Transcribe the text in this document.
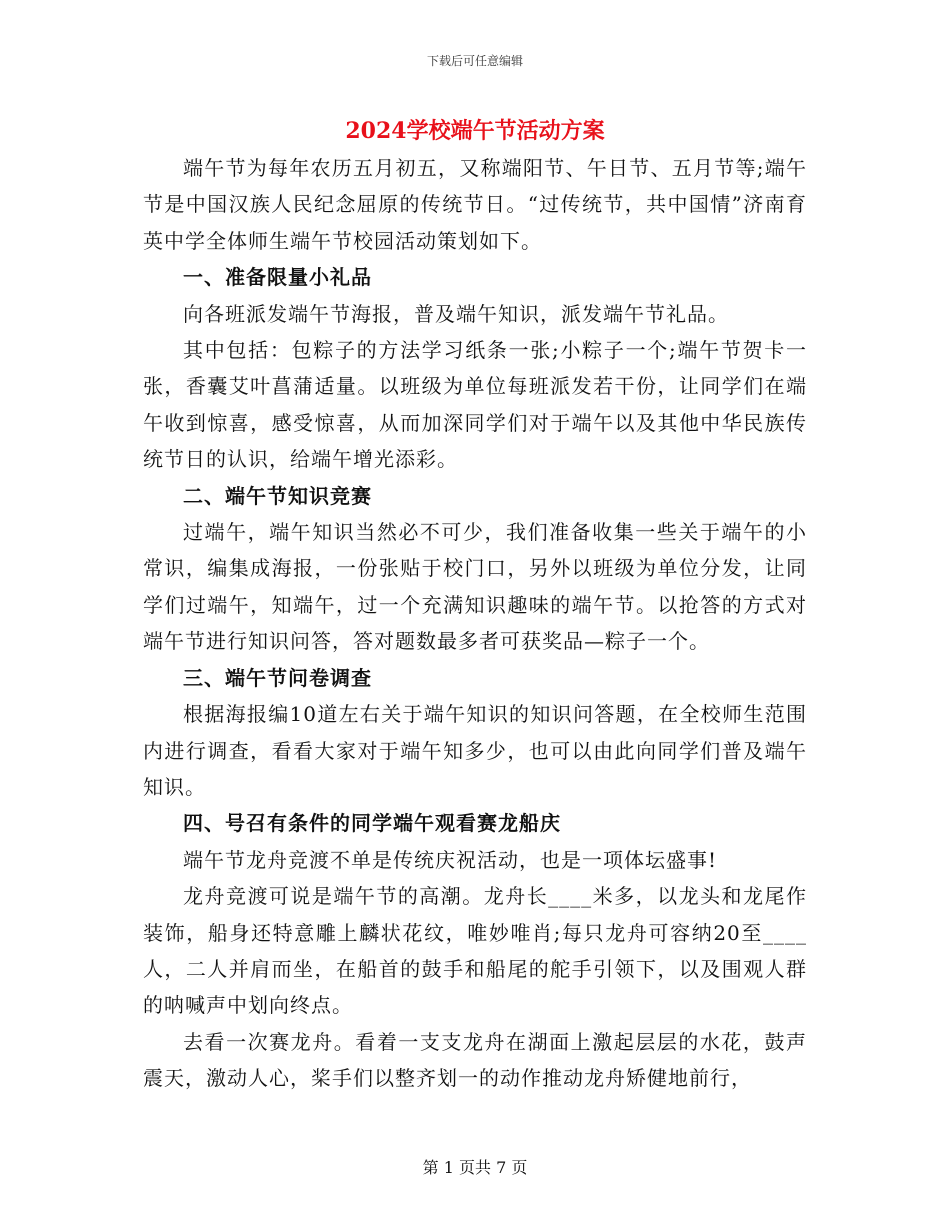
下载后可任意编辑
2024学校端午节活动方案

端午节为每年农历五月初五，又称端阳节、午日节、五月节等;端午节是中国汉族人民纪念屈原的传统节日。“过传统节，共中国情”济南育英中学全体师生端午节校园活动策划如下。

一、准备限量小礼品

向各班派发端午节海报，普及端午知识，派发端午节礼品。

其中包括：包粽子的方法学习纸条一张;小粽子一个;端午节贺卡一张，香囊艾叶菖蒲适量。以班级为单位每班派发若干份，让同学们在端午收到惊喜，感受惊喜，从而加深同学们对于端午以及其他中华民族传统节日的认识，给端午增光添彩。

二、端午节知识竞赛

过端午，端午知识当然必不可少，我们准备收集一些关于端午的小常识，编集成海报，一份张贴于校门口，另外以班级为单位分发，让同学们过端午，知端午，过一个充满知识趣味的端午节。以抢答的方式对端午节进行知识问答，答对题数最多者可获奖品—粽子一个。

三、端午节问卷调查

根据海报编10道左右关于端午知识的知识问答题，在全校师生范围内进行调查，看看大家对于端午知多少，也可以由此向同学们普及端午知识。

四、号召有条件的同学端午观看赛龙船庆

端午节龙舟竞渡不单是传统庆祝活动，也是一项体坛盛事!

龙舟竞渡可说是端午节的高潮。龙舟长____米多，以龙头和龙尾作装饰，船身还特意雕上麟状花纹，唯妙唯肖;每只龙舟可容纳20至____人，二人并肩而坐，在船首的鼓手和船尾的舵手引领下，以及围观人群的呐喊声中划向终点。

去看一次赛龙舟。看着一支支龙舟在湖面上激起层层的水花，鼓声震天，激动人心，桨手们以整齐划一的动作推动龙舟矫健地前行，

第 1 页共 7 页
